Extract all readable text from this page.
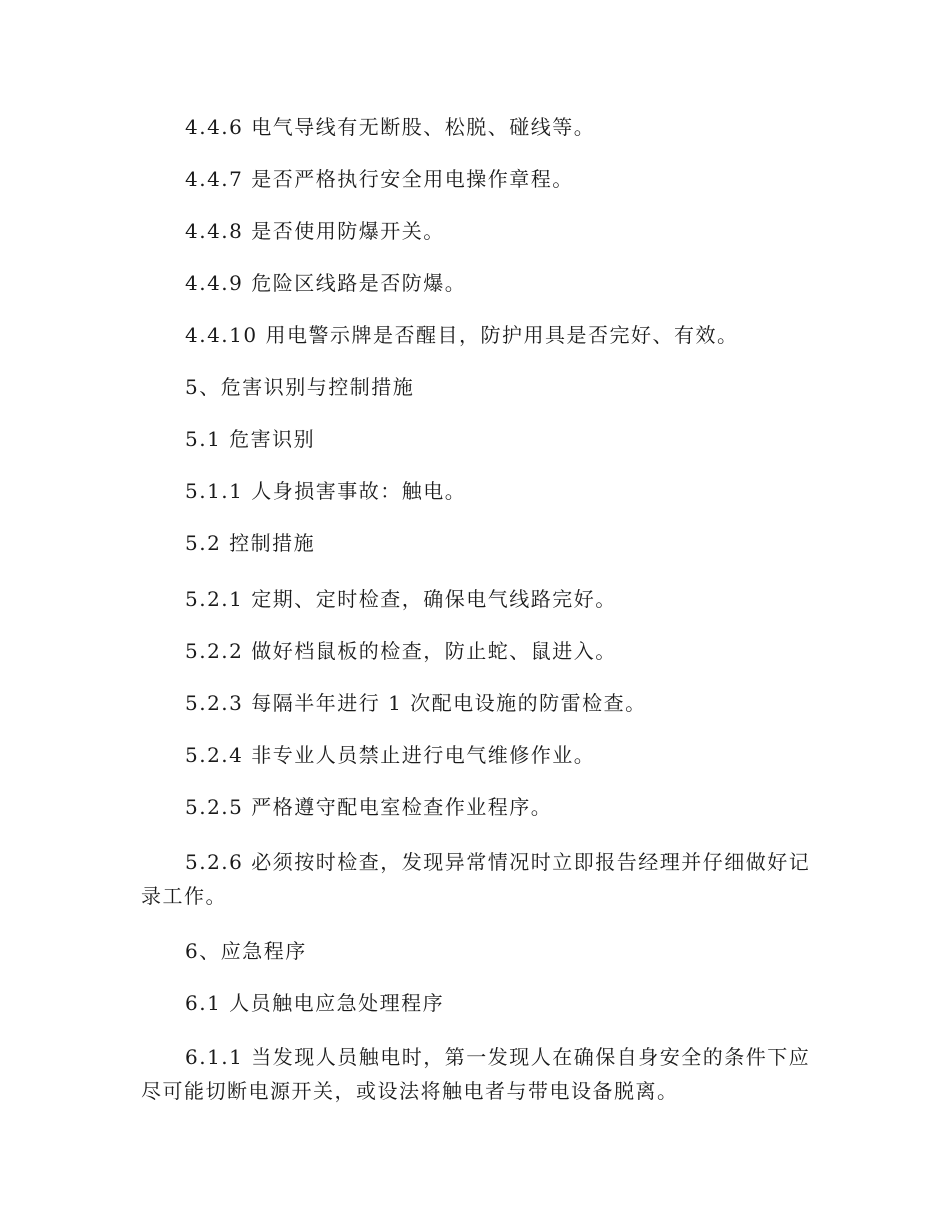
4.4.6 电气导线有无断股、松脱、碰线等。

4.4.7 是否严格执行安全用电操作章程。

4.4.8 是否使用防爆开关。

4.4.9 危险区线路是否防爆。

4.4.10 用电警示牌是否醒目，防护用具是否完好、有效。

5、危害识别与控制措施

5.1 危害识别

5.1.1 人身损害事故：触电。

5.2 控制措施

5.2.1 定期、定时检查，确保电气线路完好。

5.2.2 做好档鼠板的检查，防止蛇、鼠进入。

5.2.3 每隔半年进行 1 次配电设施的防雷检查。

5.2.4 非专业人员禁止进行电气维修作业。

5.2.5 严格遵守配电室检查作业程序。

5.2.6 必须按时检查，发现异常情况时立即报告经理并仔细做好记录工作。

6、应急程序

6.1 人员触电应急处理程序

6.1.1 当发现人员触电时，第一发现人在确保自身安全的条件下应尽可能切断电源开关，或设法将触电者与带电设备脱离。
